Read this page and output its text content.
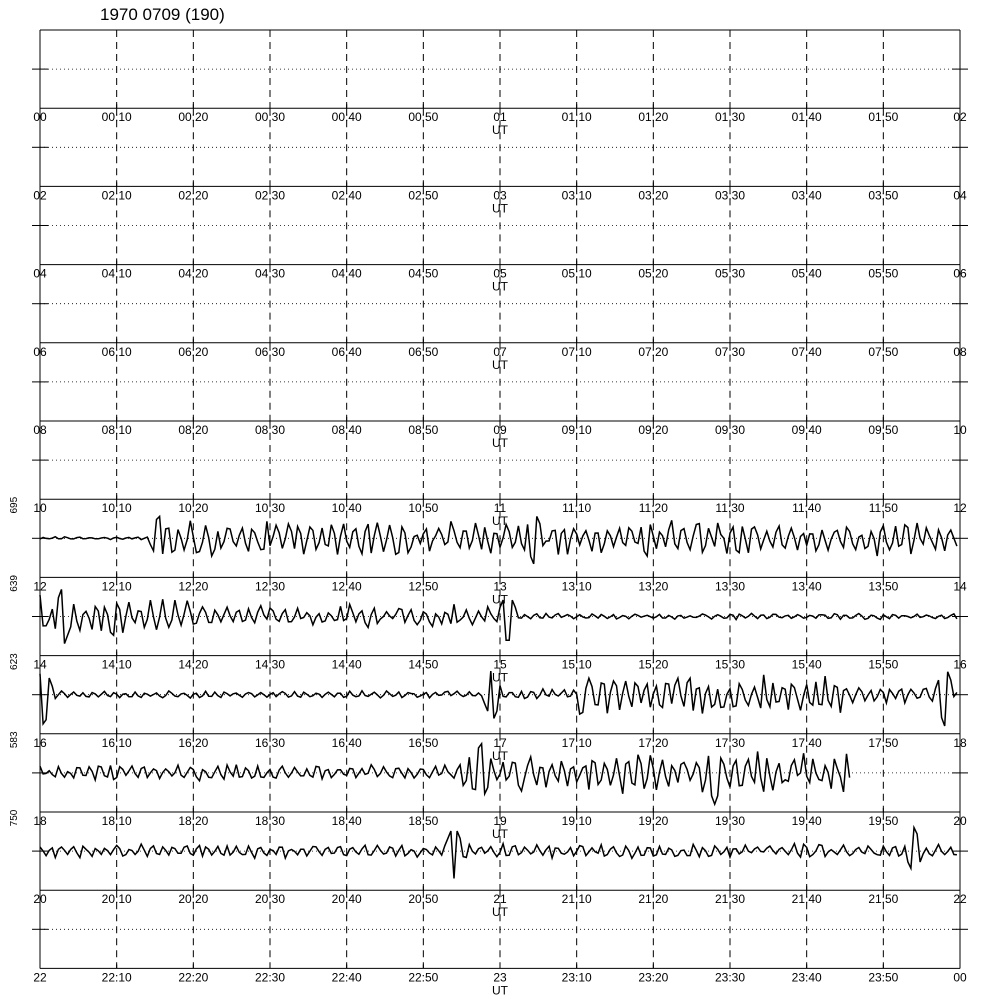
1970 0709 (190)
00	00:10	00:20	00:30	00:40	00:50	01	01:10	01:20	01:30	01:40	01:50	02
UT
02	02:10	02:20	02:30	02:40	02:50	03	03:10	03:20	03:30	03:40	03:50	04
UT
04	04:10	04:20	04:30	04:40	04:50	05	05:10	05:20	05:30	05:40	05:50	06
UT
06	06:10	06:20	06:30	06:40	06:50	07	07:10	07:20	07:30	07:40	07:50	08
UT
08	08:10	08:20	08:30	08:40	08:50	09	09:10	09:20	09:30	09:40	09:50	10
UT
10	10:10	10:20	10:30	10:40	10:50	11	11:10	11:20	11:30	11:40	11:50	12
UT
12	12:10	12:20	12:30	12:40	12:50	13	13:10	13:20	13:30	13:40	13:50	14
UT
695
14	14:10	14:20	14:30	14:40	14:50	15	15:10	15:20	15:30	15:40	15:50	16
UT
639
16	16:10	16:20	16:30	16:40	16:50	17	17:10	17:20	17:30	17:40	17:50	18
UT
623
18	18:10	18:20	18:30	18:40	18:50	19	19:10	19:20	19:30	19:40	19:50	20
UT
583
20	20:10	20:20	20:30	20:40	20:50	21	21:10	21:20	21:30	21:40	21:50	22
UT
750
22	22:10	22:20	22:30	22:40	22:50	23	23:10	23:20	23:30	23:40	23:50	00
UT
